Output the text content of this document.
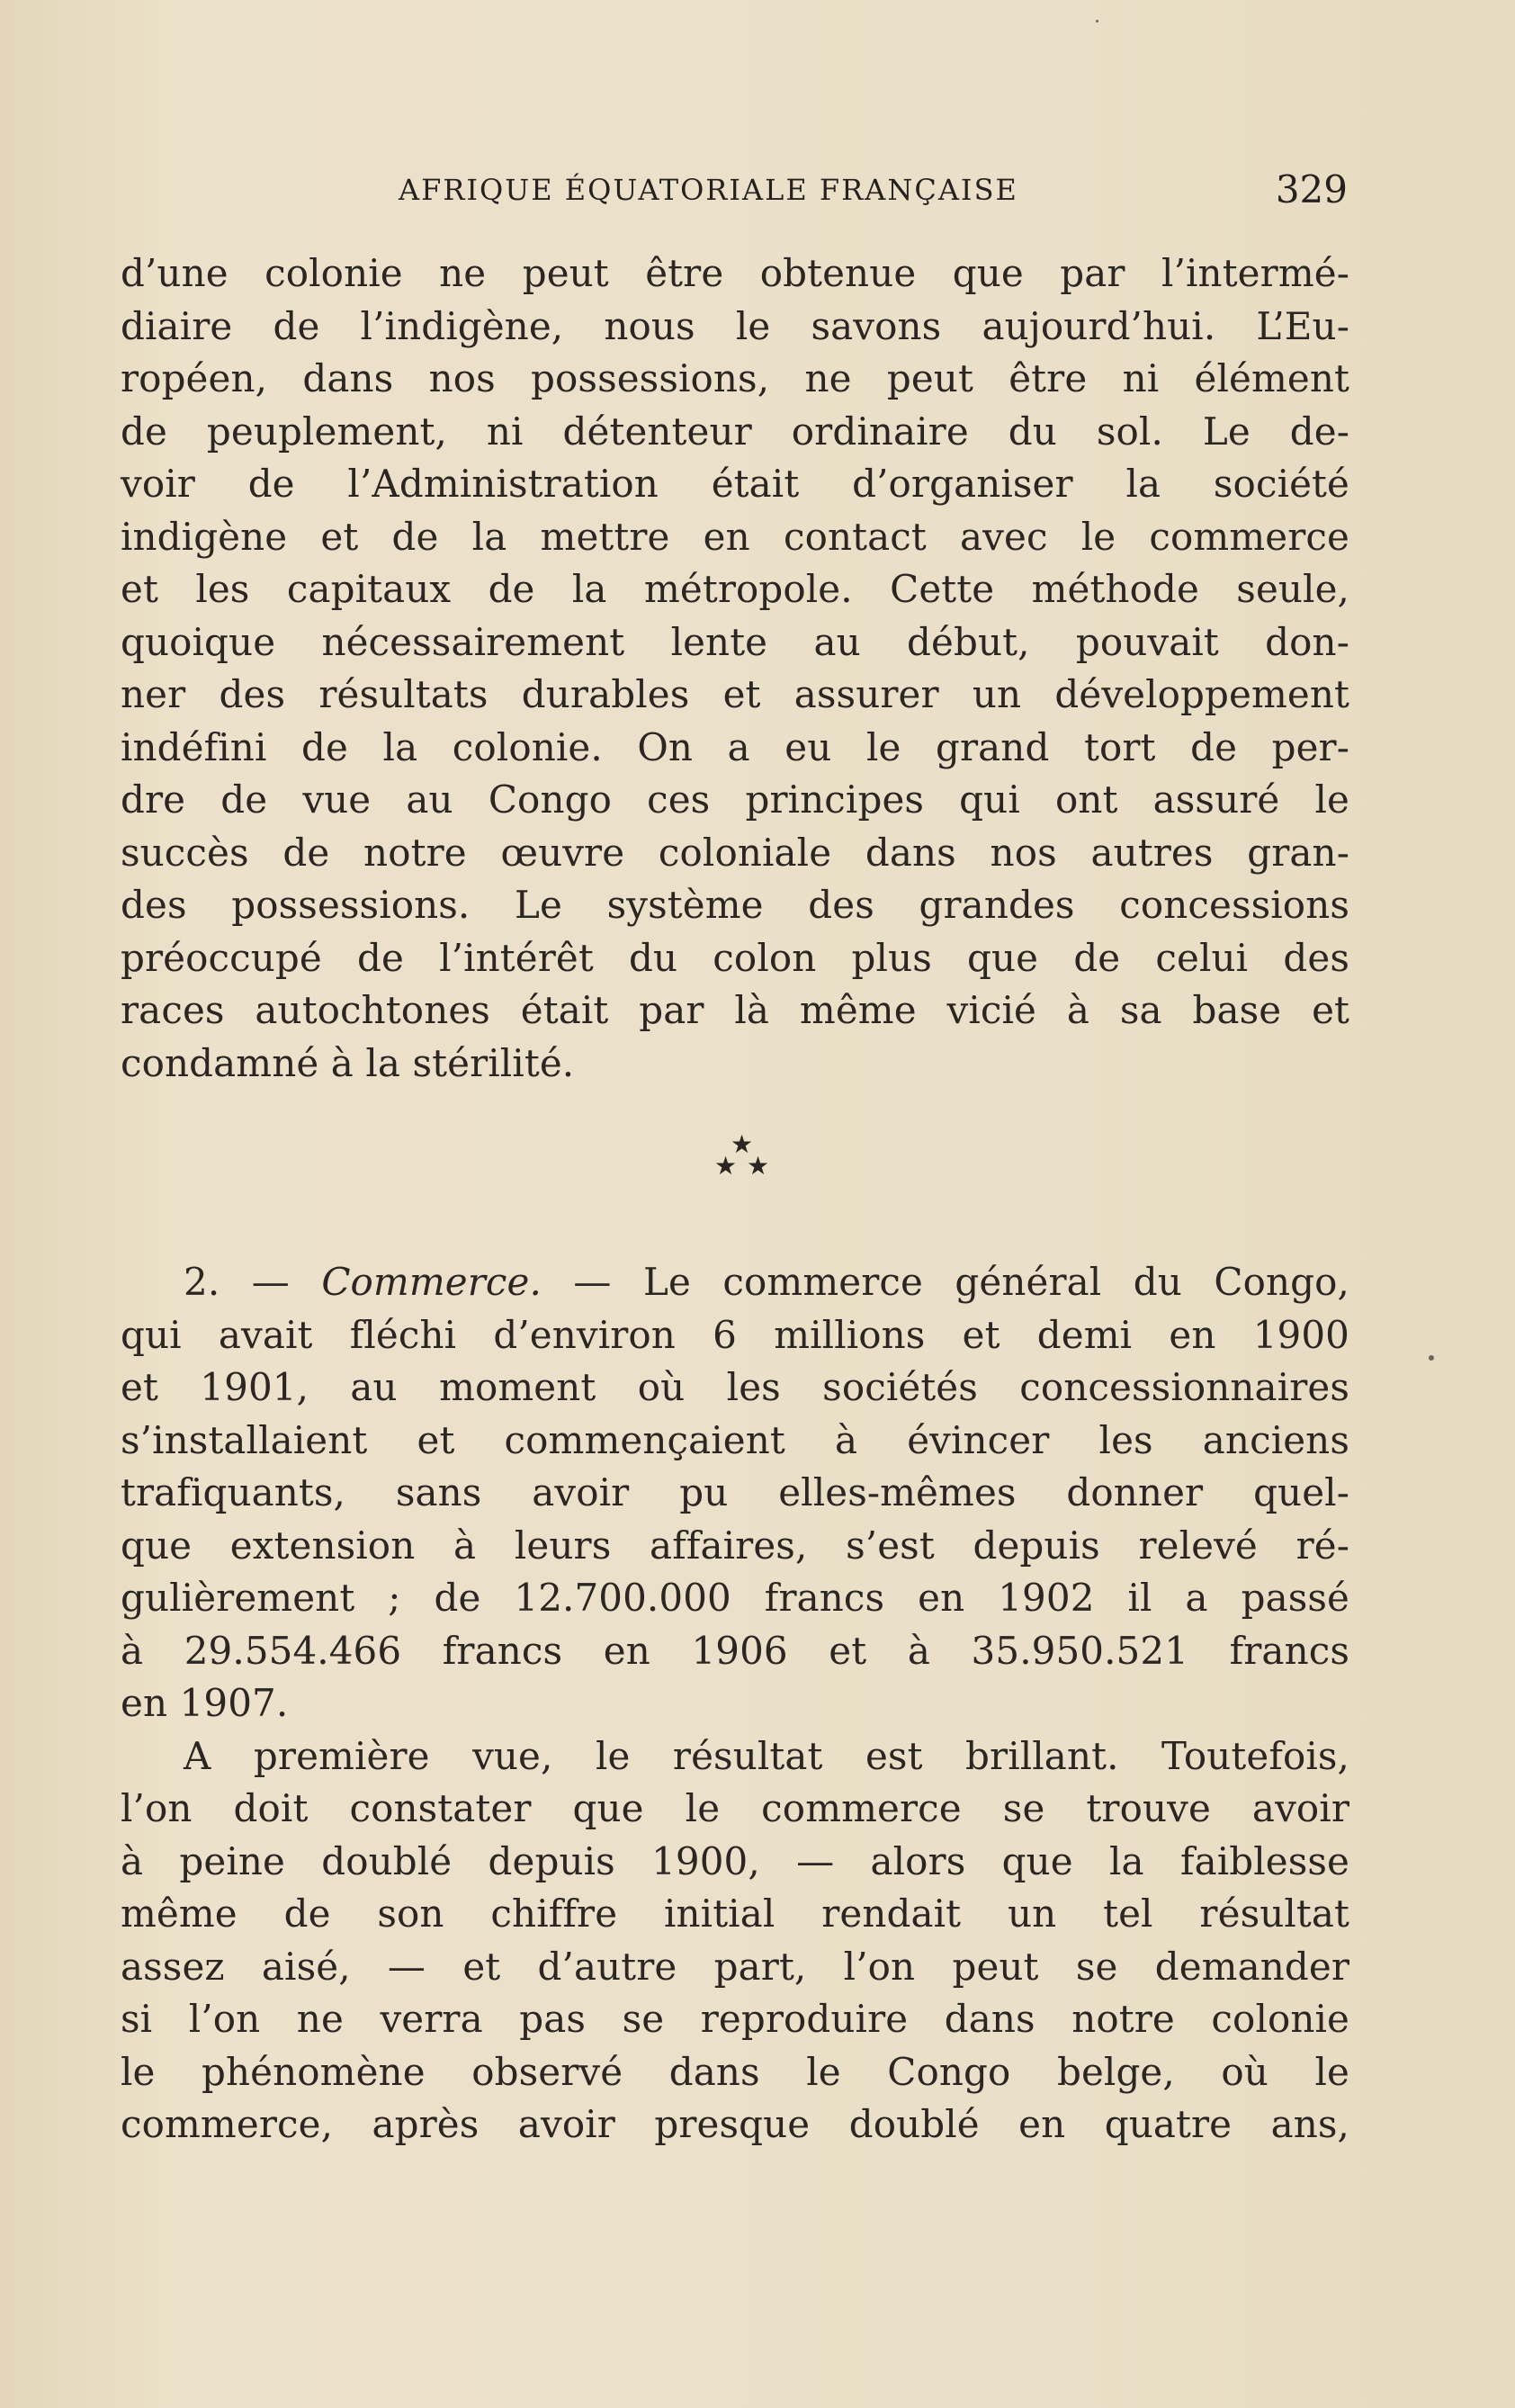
AFRIQUE ÉQUATORIALE FRANÇAISE	329
d’une colonie ne peut être obtenue que par l’intermé-
diaire de l’indigène, nous le savons aujourd’hui. L’Eu-
ropéen, dans nos possessions, ne peut être ni élément
de peuplement, ni détenteur ordinaire du sol. Le de-
voir de l’Administration était d’organiser la société
indigène et de la mettre en contact avec le commerce
et les capitaux de la métropole. Cette méthode seule,
quoique nécessairement lente au début, pouvait don-
ner des résultats durables et assurer un développement
indéfini de la colonie. On a eu le grand tort de per-
dre de vue au Congo ces principes qui ont assuré le
succès de notre œuvre coloniale dans nos autres gran-
des possessions. Le système des grandes concessions
préoccupé de l’intérêt du colon plus que de celui des
races autochtones était par là même vicié à sa base et
condamné à la stérilité.
★
★ ★
2. — Commerce. — Le commerce général du Congo,
qui avait fléchi d’environ 6 millions et demi en 1900
et 1901, au moment où les sociétés concessionnaires
s’installaient et commençaient à évincer les anciens
trafiquants, sans avoir pu elles-mêmes donner quel-
que extension à leurs affaires, s’est depuis relevé ré-
gulièrement ; de 12.700.000 francs en 1902 il a passé
à 29.554.466 francs en 1906 et à 35.950.521 francs
en 1907.
A première vue, le résultat est brillant. Toutefois,
l’on doit constater que le commerce se trouve avoir
à peine doublé depuis 1900, — alors que la faiblesse
même de son chiffre initial rendait un tel résultat
assez aisé, — et d’autre part, l’on peut se demander
si l’on ne verra pas se reproduire dans notre colonie
le phénomène observé dans le Congo belge, où le
commerce, après avoir presque doublé en quatre ans,
